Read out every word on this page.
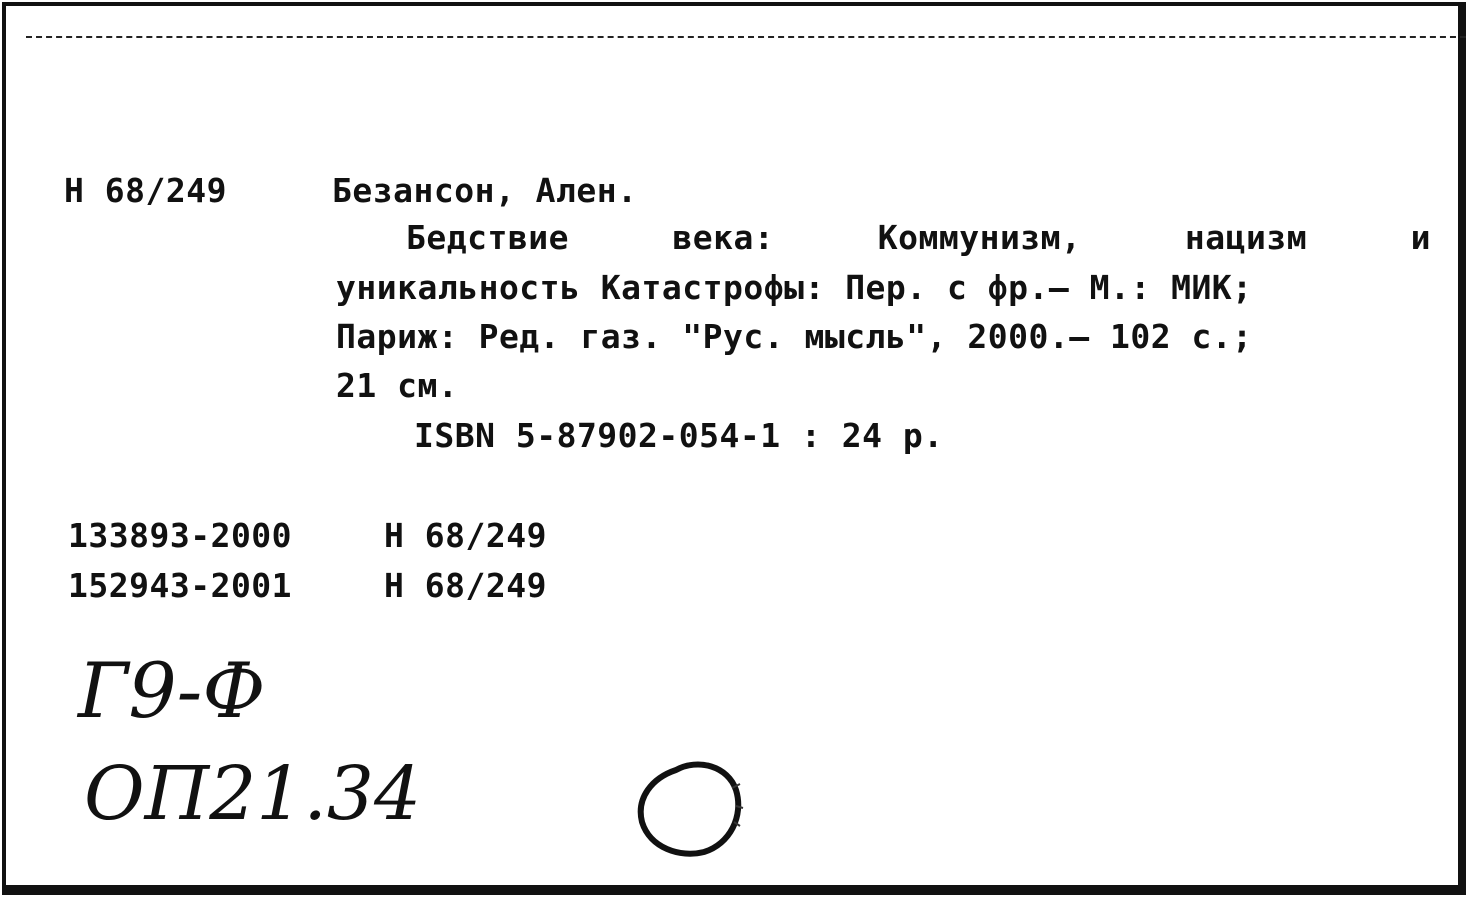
Н 68/249	Безансон, Ален.
Бедствие	века:	Коммунизм,	нацизм	и
уникальность Катастрофы: Пер. с фр.– М.: МИК;
Париж: Ред. газ. "Рус. мысль", 2000.– 102 с.;
21 см.
ISBN 5-87902-054-1 : 24 р.
133893-2000	Н 68/249
152943-2001	Н 68/249
Г9-Ф
ОП21.34
